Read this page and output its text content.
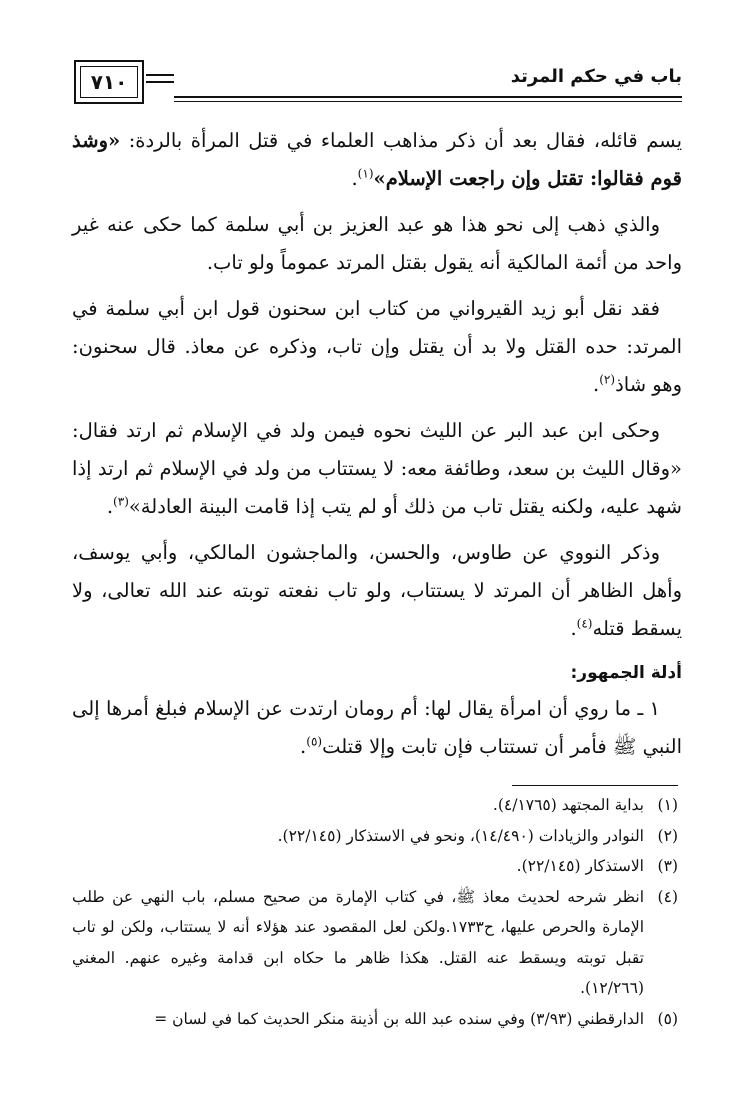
باب في حكم المرتد
٧١٠

يسم قائله، فقال بعد أن ذكر مذاهب العلماء في قتل المرأة بالردة: «وشذ قوم فقالوا: تقتل وإن راجعت الإسلام»$^{(١)}$.

والذي ذهب إلى نحو هذا هو عبد العزيز بن أبي سلمة كما حكى عنه غير واحد من أئمة المالكية أنه يقول بقتل المرتد عموماً ولو تاب.

فقد نقل أبو زيد القيرواني من كتاب ابن سحنون قول ابن أبي سلمة في المرتد: حده القتل ولا بد أن يقتل وإن تاب، وذكره عن معاذ. قال سحنون: وهو شاذ$^{(٢)}$.

وحكى ابن عبد البر عن الليث نحوه فيمن ولد في الإسلام ثم ارتد فقال: «وقال الليث بن سعد، وطائفة معه: لا يستتاب من ولد في الإسلام ثم ارتد إذا شهد عليه، ولكنه يقتل تاب من ذلك أو لم يتب إذا قامت البينة العادلة»$^{(٣)}$.

وذكر النووي عن طاوس، والحسن، والماجشون المالكي، وأبي يوسف، وأهل الظاهر أن المرتد لا يستتاب، ولو تاب نفعته توبته عند الله تعالى، ولا يسقط قتله$^{(٤)}$.

أدلة الجمهور:

١ ـ ما روي أن امرأة يقال لها: أم رومان ارتدت عن الإسلام فبلغ أمرها إلى النبي ﷺ فأمر أن تستتاب فإن تابت وإلا قتلت$^{(٥)}$.

(١)
بداية المجتهد (٤/١٧٦٥).
(٢)
النوادر والزيادات (١٤/٤٩٠)، ونحو في الاستذكار (٢٢/١٤٥).
(٣)
الاستذكار (٢٢/١٤٥).
(٤)
انظر شرحه لحديث معاذ ﷺ، في كتاب الإمارة من صحيح مسلم، باب النهي عن طلب الإمارة والحرص عليها، ح١٧٣٣.ولكن لعل المقصود عند هؤلاء أنه لا يستتاب، ولكن لو تاب تقبل توبته ويسقط عنه القتل. هكذا ظاهر ما حكاه ابن قدامة وغيره عنهم. المغني (١٢/٢٦٦).
(٥)
الدارقطني (٣/٩٣) وفي سنده عبد الله بن أذينة منكر الحديث كما في لسان =
